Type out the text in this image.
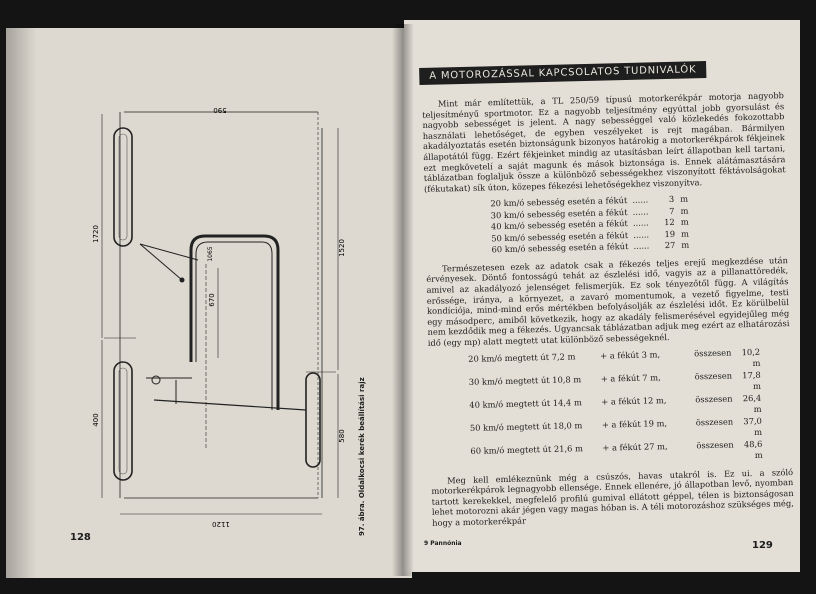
590
1120
1720
400
1520
580
670
1065
97. ábra. Oldalkocsi kerék beállítási rajz
128
A MOTOROZÁSSAL KAPCSOLATOS TUDNIVALÓK

Mint már említettük, a TL 250/59 típusú motorkerékpár motorja nagyobb teljesítményű sportmotor. Ez a nagyobb teljesítmény egyúttal jobb gyorsulást és nagyobb sebességet is jelent. A nagy sebességgel való közlekedés fokozottabb használati lehetőséget, de egyben veszélyeket is rejt magában. Bármilyen akadályoztatás esetén biztonságunk bizonyos határokig a motorkerékpárok fékjeinek állapotától függ. Ezért fékjeinket mindig az utasításban leírt állapotban kell tartani, ezt megkövetelí a saját magunk és mások biztonsága is. Ennek alátámasztására táblázatban foglaljuk össze a különböző sebességekhez viszonyított féktávolságokat (fékutakat) sík úton, közepes fékezési lehetőségekhez viszonyítva.

20 km/ó sebesség esetén a fékút ......	3 m
30 km/ó sebesség esetén a fékút ......	7 m
40 km/ó sebesség esetén a fékút ......	12 m
50 km/ó sebesség esetén a fékút ......	19 m
60 km/ó sebesség esetén a fékút ......	27 m

Természetesen ezek az adatok csak a fékezés teljes erejű megkezdése után érvényesek. Döntő fontosságú tehát az észlelési idő, vagyis az a pillanattöredék, amivel az akadályozó jelenséget felismerjük. Ez sok tényezőtől függ. A világítás erőssége, iránya, a környezet, a zavaró momentumok, a vezető figyelme, testi kondíciója, mind-mind erős mértékben befolyásolják az észlelési időt. Ez körülbelül egy másodperc, amiből következik, hogy az akadály felismerésével egyidejűleg még nem kezdődik meg a fékezés. Ugyancsak táblázatban adjuk meg ezért az elhatározási idő (egy mp) alatt megtett utat különböző sebességeknél.

20 km/ó megtett út 7,2 m	+ a fékút 3 m,	összesen	10,2 m
30 km/ó megtett út 10,8 m	+ a fékút 7 m,	összesen	17,8 m
40 km/ó megtett út 14,4 m	+ a fékút 12 m,	összesen	26,4 m
50 km/ó megtett út 18,0 m	+ a fékút 19 m,	összesen	37,0 m
60 km/ó megtett út 21,6 m	+ a fékút 27 m,	összesen	48,6 m

Meg kell emlékeznünk még a csúszós, havas utakról is. Ez ui. a szóló motorkerékpárok legnagyobb ellensége. Ennek ellenére, jó állapotban levő, nyomban tartott kerekekkel, megfelelő profilú gumival ellátott géppel, télen is biztonságosan lehet motorozni akár jégen vagy magas hóban is. A téli motorozáshoz szükséges még, hogy a motorkerékpár

9 Pannónia	129
